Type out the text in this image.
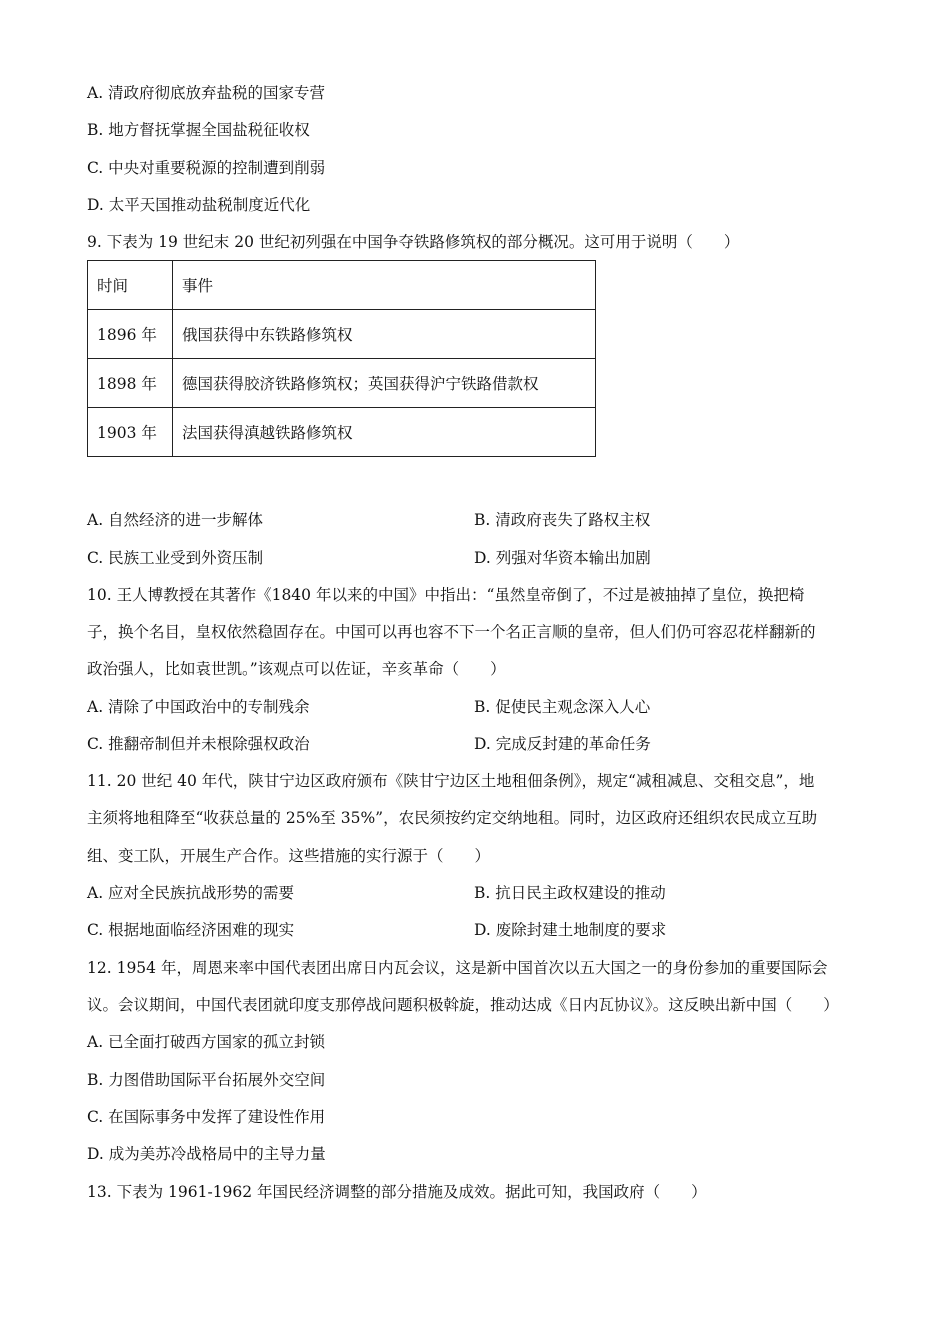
A. 清政府彻底放弃盐税的国家专营
B. 地方督抚掌握全国盐税征收权
C. 中央对重要税源的控制遭到削弱
D. 太平天国推动盐税制度近代化
9. 下表为 19 世纪末 20 世纪初列强在中国争夺铁路修筑权的部分概况。这可用于说明（　　）
时间	事件
1896 年	俄国获得中东铁路修筑权
1898 年	德国获得胶济铁路修筑权；英国获得沪宁铁路借款权
1903 年	法国获得滇越铁路修筑权
A. 自然经济的进一步解体	B. 清政府丧失了路权主权
C. 民族工业受到外资压制	D. 列强对华资本输出加剧
10. 王人博教授在其著作《1840 年以来的中国》中指出：“虽然皇帝倒了，不过是被抽掉了皇位，换把椅
子，换个名目，皇权依然稳固存在。中国可以再也容不下一个名正言顺的皇帝，但人们仍可容忍花样翻新的
政治强人，比如袁世凯。”该观点可以佐证，辛亥革命（　　）
A. 清除了中国政治中的专制残余	B. 促使民主观念深入人心
C. 推翻帝制但并未根除强权政治	D. 完成反封建的革命任务
11. 20 世纪 40 年代，陕甘宁边区政府颁布《陕甘宁边区土地租佃条例》，规定“减租减息、交租交息”，地
主须将地租降至“收获总量的 25%至 35%”，农民须按约定交纳地租。同时，边区政府还组织农民成立互助
组、变工队，开展生产合作。这些措施的实行源于（　　）
A. 应对全民族抗战形势的需要	B. 抗日民主政权建设的推动
C. 根据地面临经济困难的现实	D. 废除封建土地制度的要求
12. 1954 年，周恩来率中国代表团出席日内瓦会议，这是新中国首次以五大国之一的身份参加的重要国际会
议。会议期间，中国代表团就印度支那停战问题积极斡旋，推动达成《日内瓦协议》。这反映出新中国（　　）
A. 已全面打破西方国家的孤立封锁
B. 力图借助国际平台拓展外交空间
C. 在国际事务中发挥了建设性作用
D. 成为美苏冷战格局中的主导力量
13. 下表为 1961-1962 年国民经济调整的部分措施及成效。据此可知，我国政府（　　）
